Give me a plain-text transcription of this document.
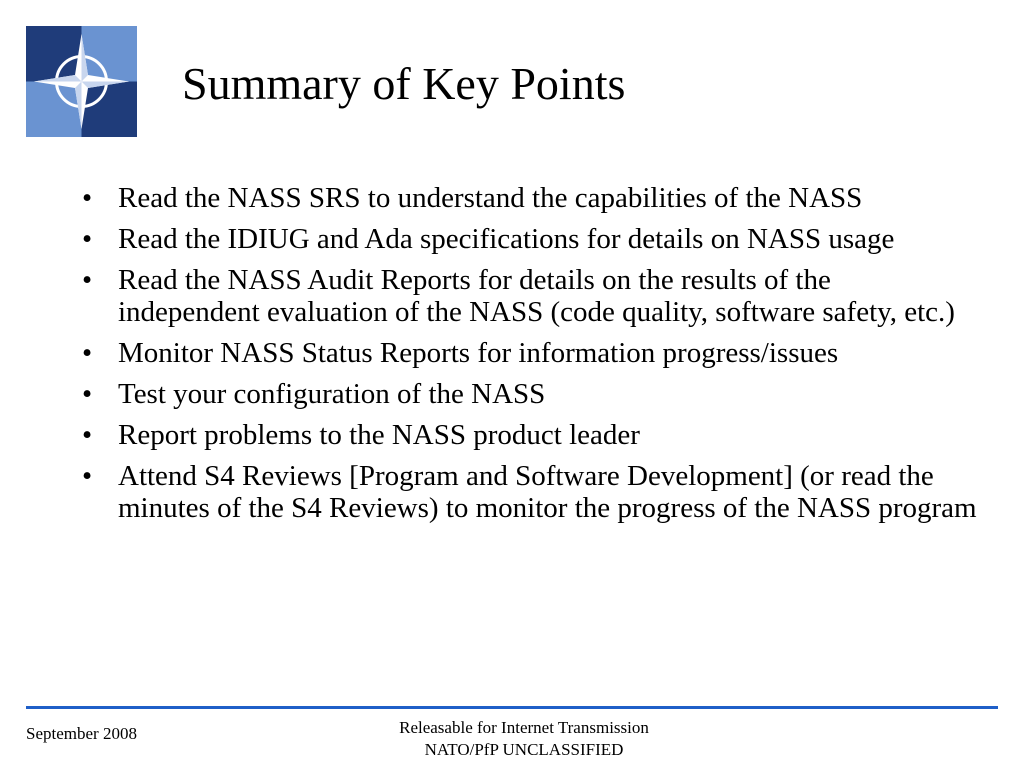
Summary of Key Points
• Read the NASS SRS to understand the capabilities of the NASS
• Read the IDIUG and Ada specifications for details on NASS usage
• Read the NASS Audit Reports for details on the results of the independent evaluation of the NASS (code quality, software safety, etc.)
• Monitor NASS Status Reports for information progress/issues
• Test your configuration of the NASS
• Report problems to the NASS product leader
• Attend S4 Reviews [Program and Software Development] (or read the minutes of the S4 Reviews) to monitor the progress of the NASS program
September 2008	Releasable for Internet Transmission
NATO/PfP UNCLASSIFIED
